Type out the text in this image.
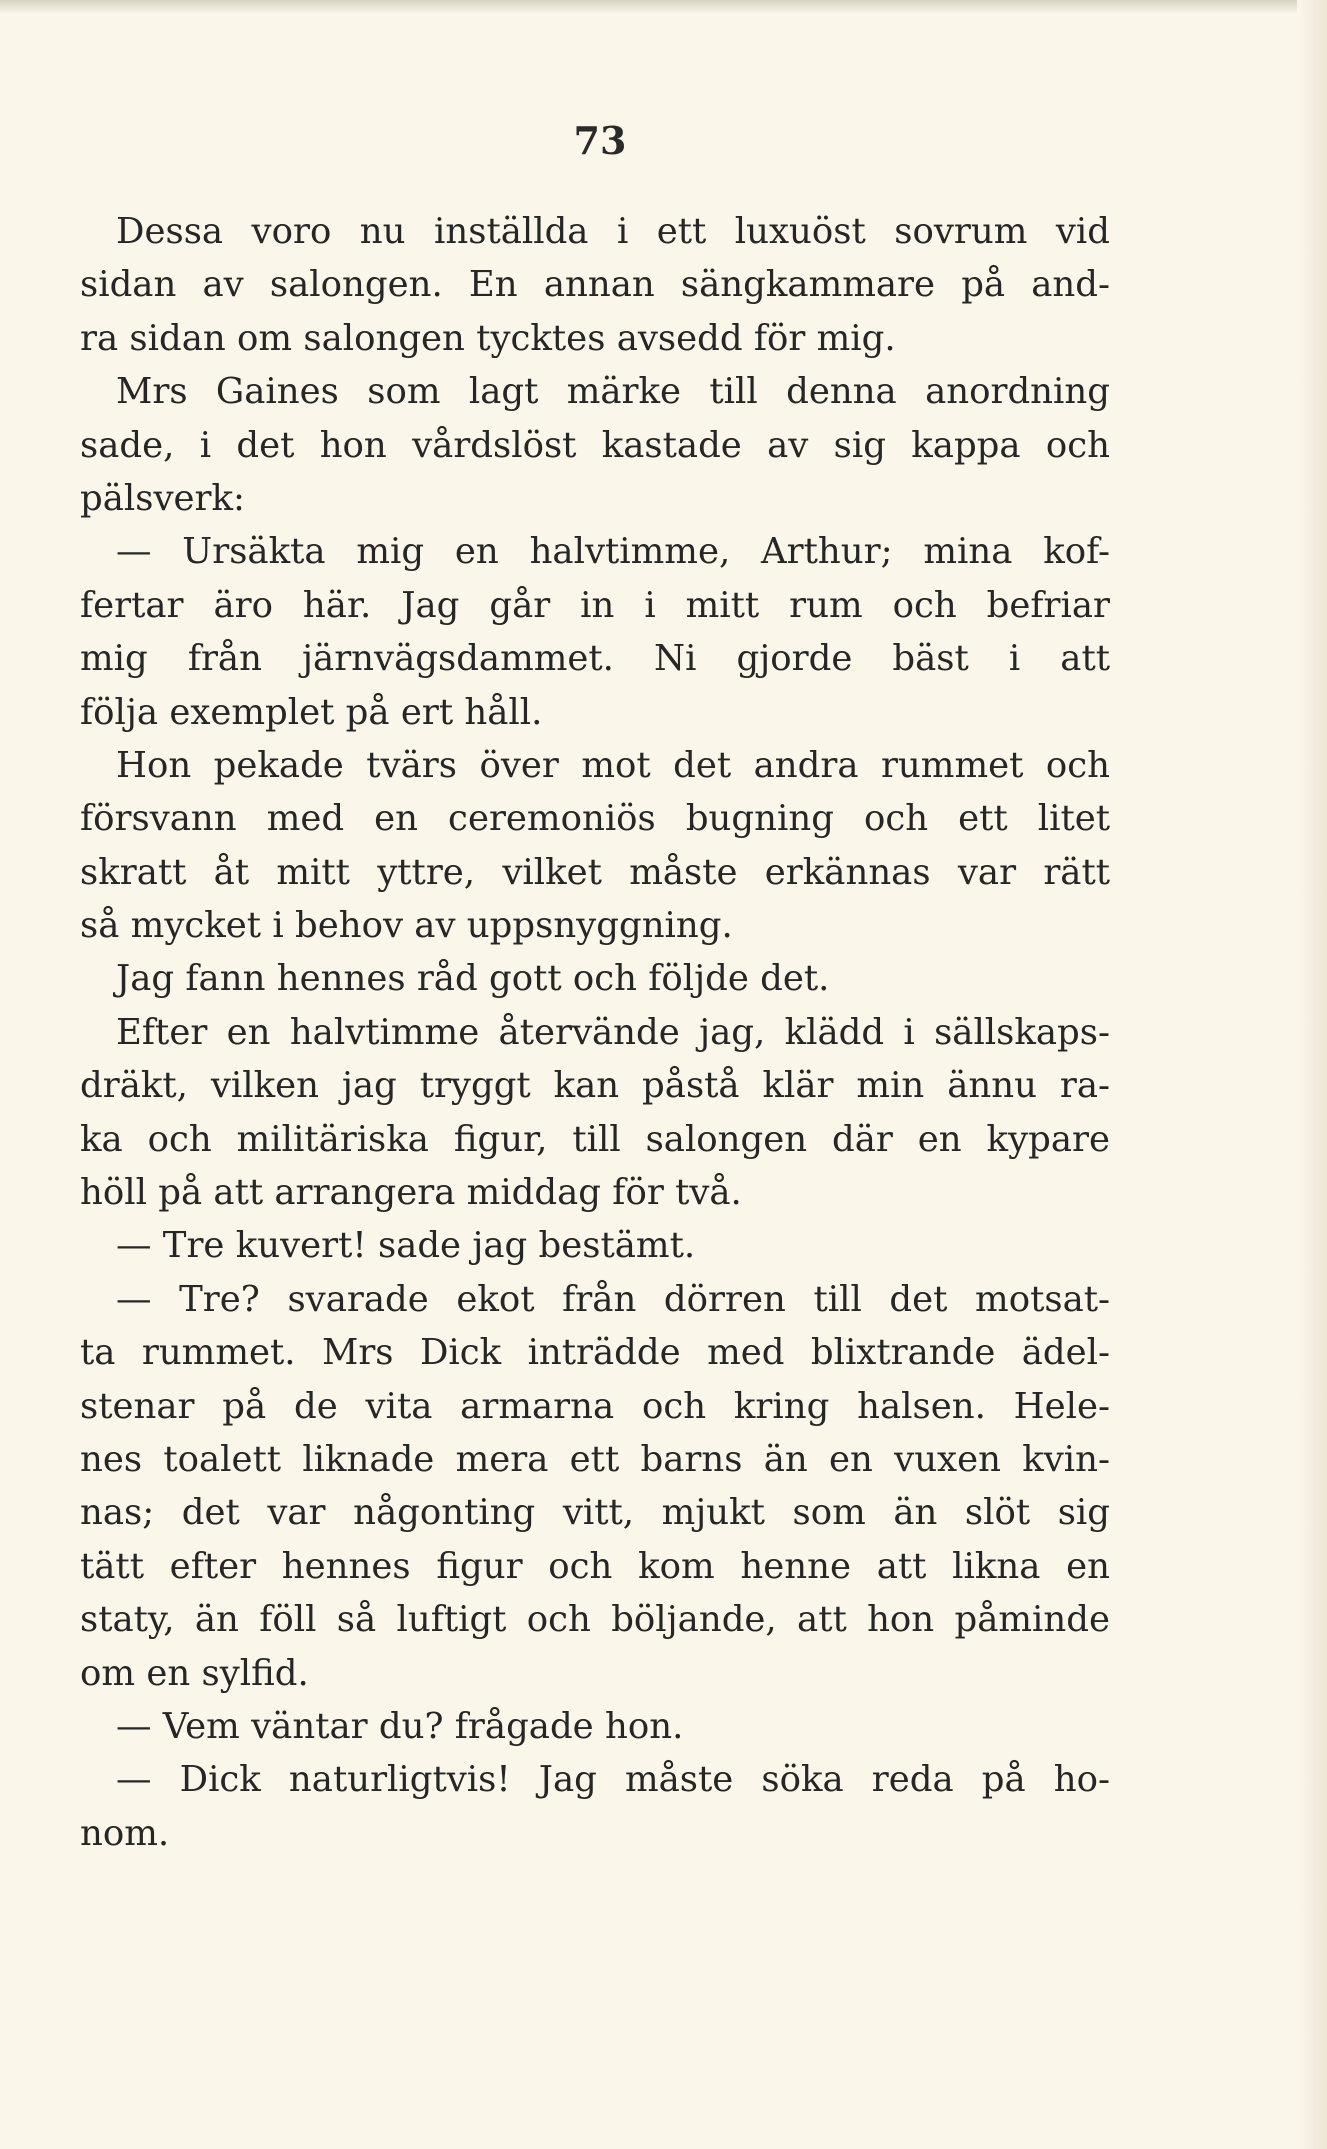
73
Dessa voro nu inställda i ett luxuöst sovrum vid
sidan av salongen. En annan sängkammare på and-
ra sidan om salongen tycktes avsedd för mig.
Mrs Gaines som lagt märke till denna anordning
sade, i det hon vårdslöst kastade av sig kappa och
pälsverk:
— Ursäkta mig en halvtimme, Arthur; mina kof-
fertar äro här. Jag går in i mitt rum och befriar
mig från järnvägsdammet. Ni gjorde bäst i att
följa exemplet på ert håll.
Hon pekade tvärs över mot det andra rummet och
försvann med en ceremoniös bugning och ett litet
skratt åt mitt yttre, vilket måste erkännas var rätt
så mycket i behov av uppsnyggning.
Jag fann hennes råd gott och följde det.
Efter en halvtimme återvände jag, klädd i sällskaps-
dräkt, vilken jag tryggt kan påstå klär min ännu ra-
ka och militäriska figur, till salongen där en kypare
höll på att arrangera middag för två.
— Tre kuvert! sade jag bestämt.
— Tre? svarade ekot från dörren till det motsat-
ta rummet. Mrs Dick inträdde med blixtrande ädel-
stenar på de vita armarna och kring halsen. Hele-
nes toalett liknade mera ett barns än en vuxen kvin-
nas; det var någonting vitt, mjukt som än slöt sig
tätt efter hennes figur och kom henne att likna en
staty, än föll så luftigt och böljande, att hon påminde
om en sylfid.
— Vem väntar du? frågade hon.
— Dick naturligtvis! Jag måste söka reda på ho-
nom.
